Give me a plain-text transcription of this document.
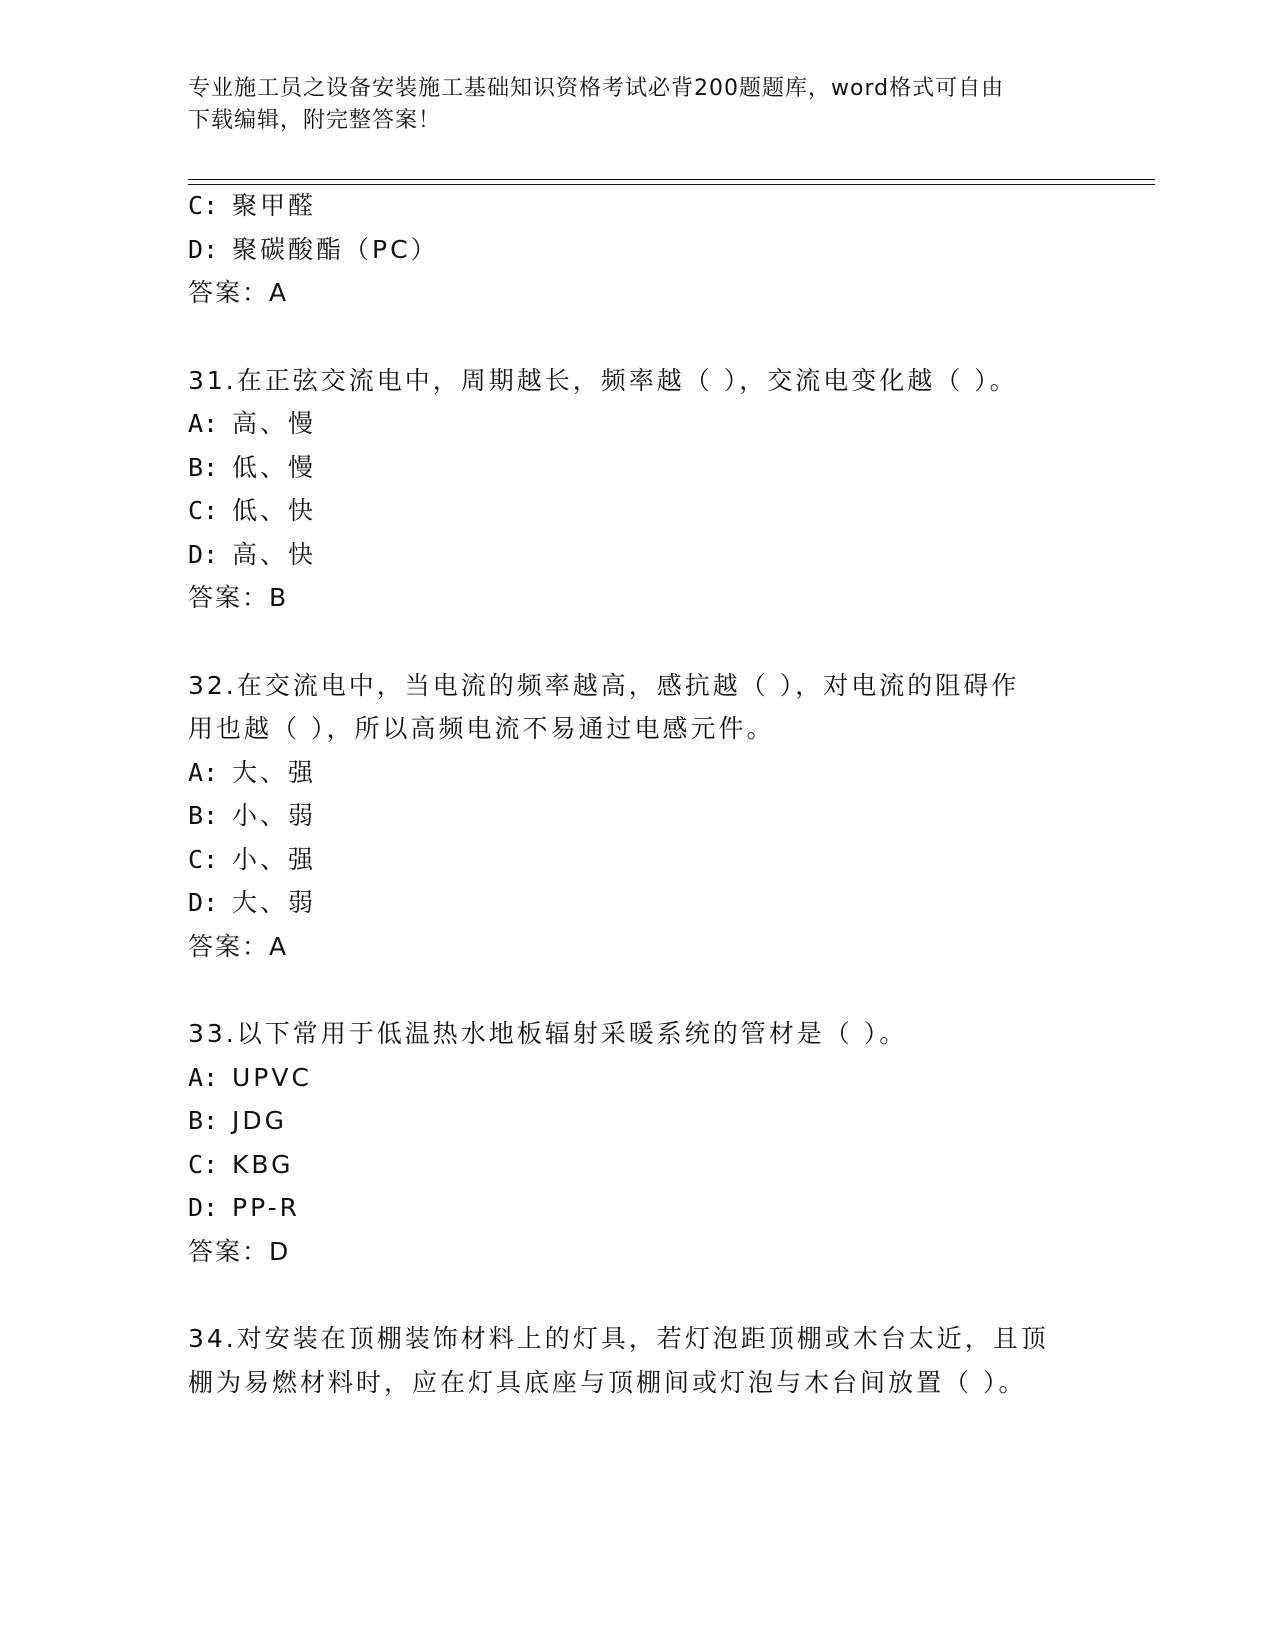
专业施工员之设备安装施工基础知识资格考试必背200题题库，word格式可自由
下载编辑，附完整答案！
C: 聚甲醛
D: 聚碳酸酯（PC）
答案：A
31.在正弦交流电中，周期越长，频率越（ ），交流电变化越（ ）。
A: 高、慢
B: 低、慢
C: 低、快
D: 高、快
答案：B
32.在交流电中，当电流的频率越高，感抗越（ ），对电流的阻碍作
用也越（ ），所以高频电流不易通过电感元件。
A: 大、强
B: 小、弱
C: 小、强
D: 大、弱
答案：A
33.以下常用于低温热水地板辐射采暖系统的管材是（ ）。
A: UPVC
B: JDG
C: KBG
D: PP-R
答案：D
34.对安装在顶棚装饰材料上的灯具，若灯泡距顶棚或木台太近，且顶
棚为易燃材料时，应在灯具底座与顶棚间或灯泡与木台间放置（ ）。
